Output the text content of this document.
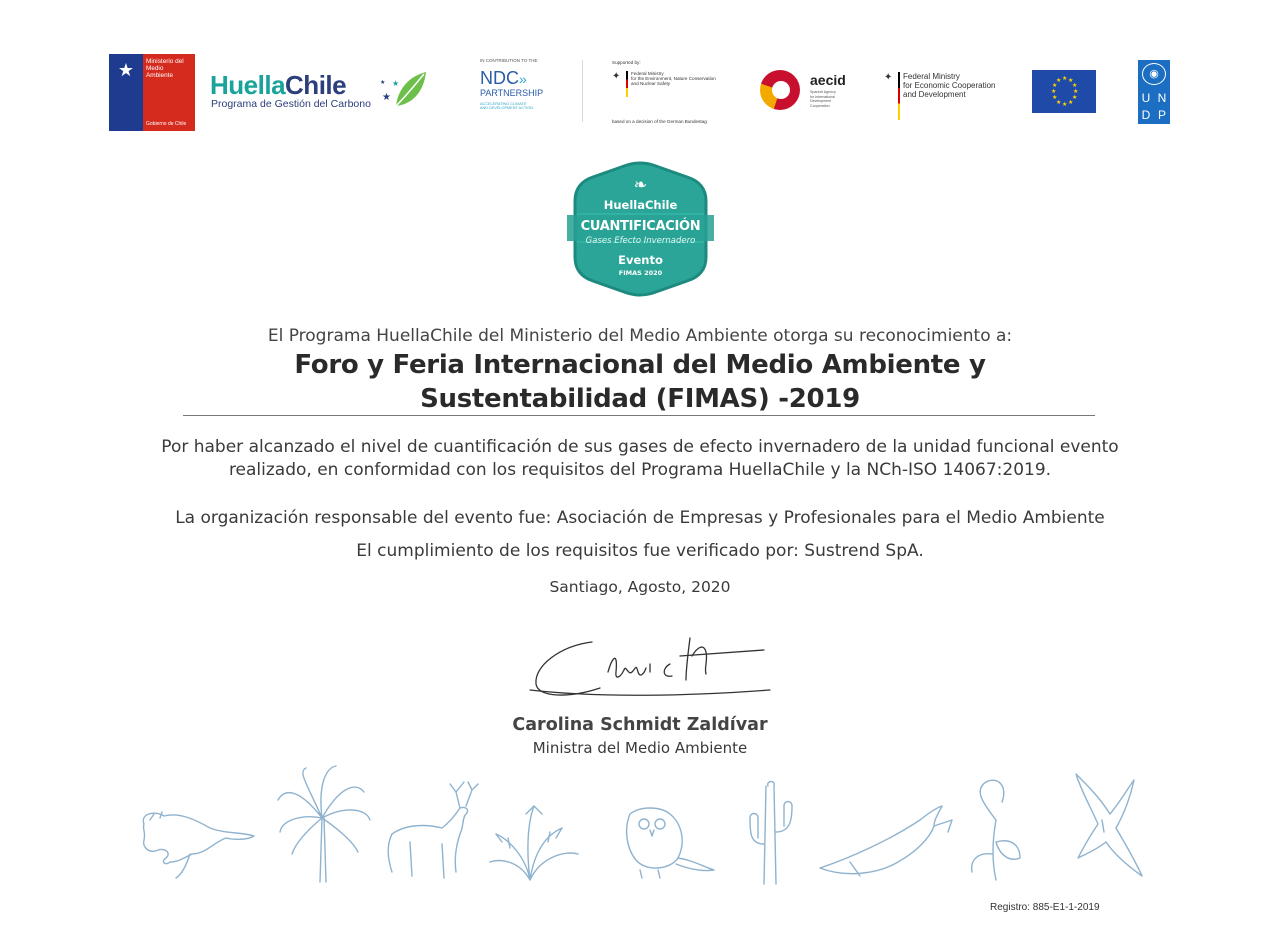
★	Ministerio del
Medio
Ambiente
Gobierno de Chile
HuellaChile
Programa de Gestión del Carbono
★
★
★
IN CONTRIBUTION TO THE
NDC»
PARTNERSHIP
ACCELERATING CLIMATE
AND DEVELOPMENT ACTION
Supported by:
✦ Federal Ministry
for the Environment, Nature Conservation
and Nuclear Safety
based on a decision of the German Bundestag
aecid
Spanish Agency
for International
Development
Cooperation
✦ Federal Ministry
for Economic Cooperation
and Development
★ ★
★
★
★
★
★
★
★
★
★
★
◉
U N
D P
❧
HuellaChile
CUANTIFICACIÓN
Gases Efecto Invernadero
Evento
FIMAS 2020
El Programa HuellaChile del Ministerio del Medio Ambiente otorga su reconocimiento a:
Foro y Feria Internacional del Medio Ambiente y
Sustentabilidad (FIMAS) -2019
Por haber alcanzado el nivel de cuantificación de sus gases de efecto invernadero de la unidad funcional evento
realizado, en conformidad con los requisitos del Programa HuellaChile y la NCh-ISO 14067:2019.
La organización responsable del evento fue: Asociación de Empresas y Profesionales para el Medio Ambiente
El cumplimiento de los requisitos fue verificado por: Sustrend SpA.
Santiago, Agosto, 2020
Carolina Schmidt Zaldívar
Ministra del Medio Ambiente
Registro: 885-E1-1-2019
